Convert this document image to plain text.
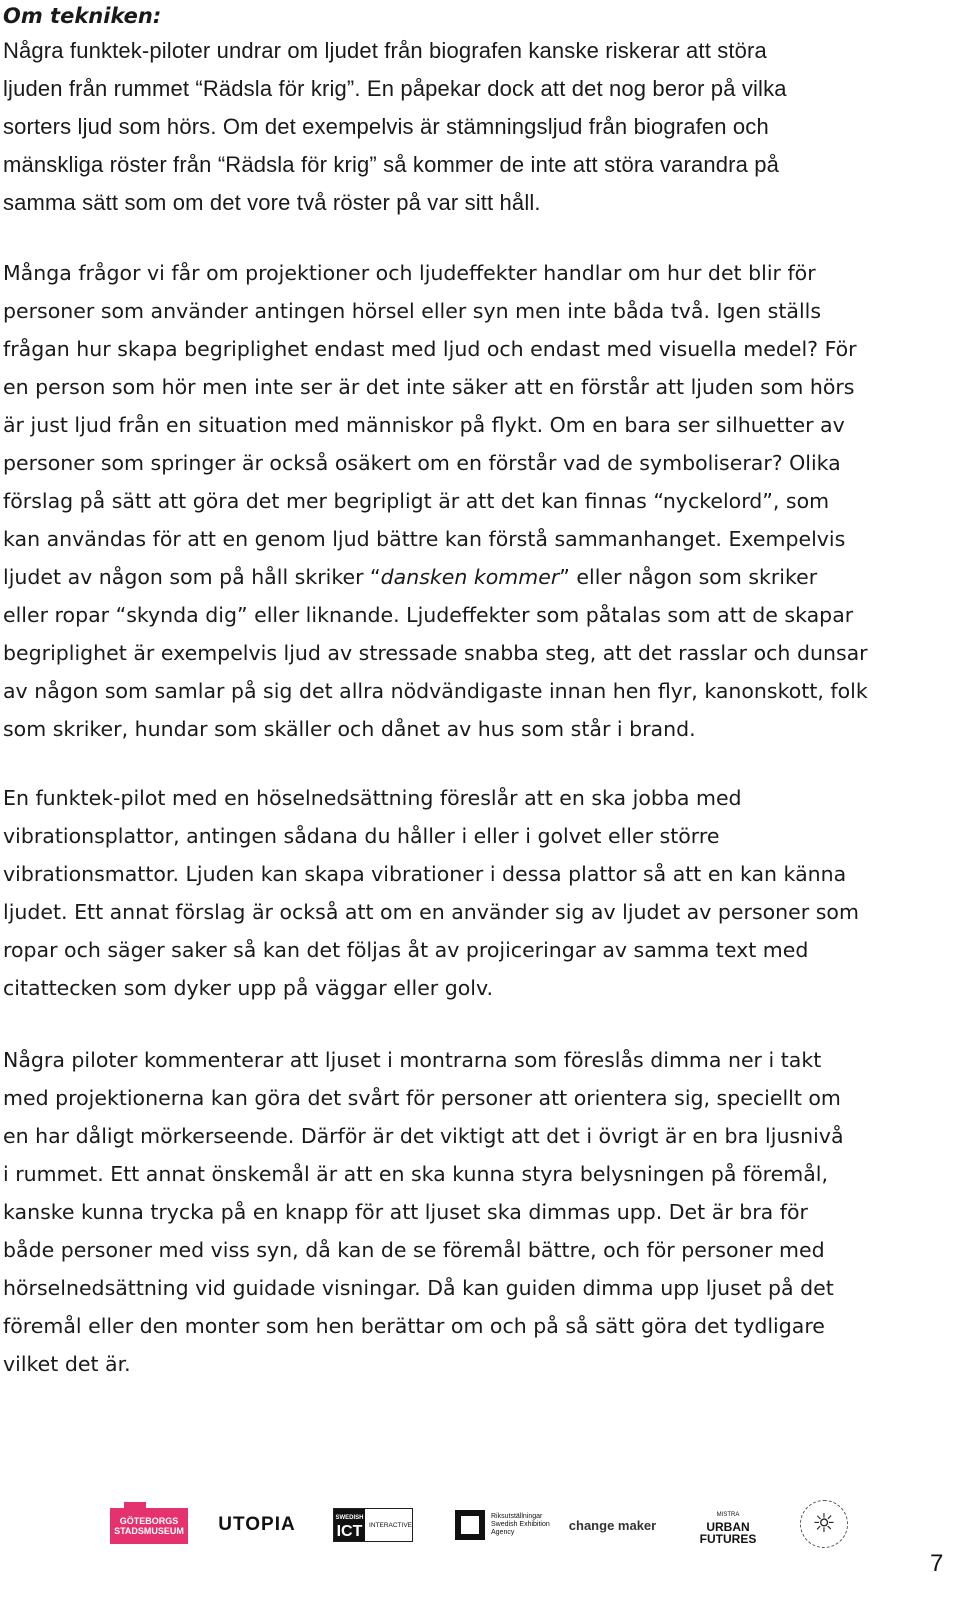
Om tekniken:

Några funktek-piloter undrar om ljudet från biografen kanske riskerar att störa
ljuden från rummet “Rädsla för krig”. En påpekar dock att det nog beror på vilka
sorters ljud som hörs. Om det exempelvis är stämningsljud från biografen och
mänskliga röster från “Rädsla för krig” så kommer de inte att störa varandra på
samma sätt som om det vore två röster på var sitt håll.

Många frågor vi får om projektioner och ljudeffekter handlar om hur det blir för
personer som använder antingen hörsel eller syn men inte båda två. Igen ställs
frågan hur skapa begriplighet endast med ljud och endast med visuella medel? För
en person som hör men inte ser är det inte säker att en förstår att ljuden som hörs
är just ljud från en situation med människor på flykt. Om en bara ser silhuetter av
personer som springer är också osäkert om en förstår vad de symboliserar? Olika
förslag på sätt att göra det mer begripligt är att det kan finnas “nyckelord”, som
kan användas för att en genom ljud bättre kan förstå sammanhanget. Exempelvis
ljudet av någon som på håll skriker “dansken kommer” eller någon som skriker
eller ropar “skynda dig” eller liknande. Ljudeffekter som påtalas som att de skapar
begriplighet är exempelvis ljud av stressade snabba steg, att det rasslar och dunsar
av någon som samlar på sig det allra nödvändigaste innan hen flyr, kanonskott, folk
som skriker, hundar som skäller och dånet av hus som står i brand.

En funktek-pilot med en höselnedsättning föreslår att en ska jobba med
vibrationsplattor, antingen sådana du håller i eller i golvet eller större
vibrationsmattor. Ljuden kan skapa vibrationer i dessa plattor så att en kan känna
ljudet. Ett annat förslag är också att om en använder sig av ljudet av personer som
ropar och säger saker så kan det följas åt av projiceringar av samma text med
citattecken som dyker upp på väggar eller golv.

Några piloter kommenterar att ljuset i montrarna som föreslås dimma ner i takt
med projektionerna kan göra det svårt för personer att orientera sig, speciellt om
en har dåligt mörkerseende. Därför är det viktigt att det i övrigt är en bra ljusnivå
i rummet. Ett annat önskemål är att en ska kunna styra belysningen på föremål,
kanske kunna trycka på en knapp för att ljuset ska dimmas upp. Det är bra för
både personer med viss syn, då kan de se föremål bättre, och för personer med
hörselnedsättning vid guidade visningar. Då kan guiden dimma upp ljuset på det
föremål eller den monter som hen berättar om och på så sätt göra det tydligare
vilket det är.

GÖTEBORGS
STADSMUSEUM UTOPIA	SWEDISH
ICT	INTERACTIVE
Riksutställningar
Swedish Exhibition
Agency	change maker
MISTRA
URBAN
FUTURES ☼
7
